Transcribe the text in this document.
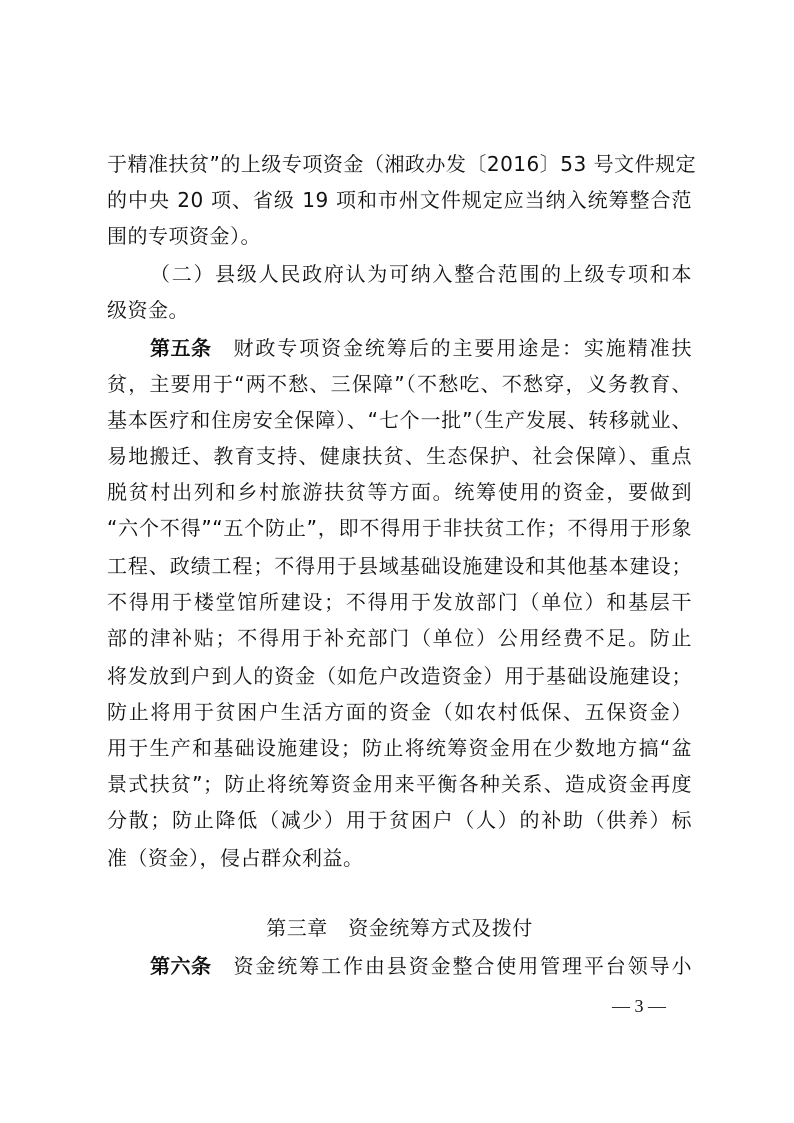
于精准扶贫”的上级专项资金（湘政办发〔2016〕53 号文件规定
的中央 20 项、省级 19 项和市州文件规定应当纳入统筹整合范
围的专项资金）。
（二）县级人民政府认为可纳入整合范围的上级专项和本
级资金。
第五条 财政专项资金统筹后的主要用途是：实施精准扶
贫，主要用于“两不愁、三保障”（不愁吃、不愁穿，义务教育、
基本医疗和住房安全保障）、“七个一批”（生产发展、转移就业、
易地搬迁、教育支持、健康扶贫、生态保护、社会保障）、重点
脱贫村出列和乡村旅游扶贫等方面。统筹使用的资金，要做到
“六个不得”“五个防止”，即不得用于非扶贫工作；不得用于形象
工程、政绩工程；不得用于县域基础设施建设和其他基本建设；
不得用于楼堂馆所建设；不得用于发放部门（单位）和基层干
部的津补贴；不得用于补充部门（单位）公用经费不足。防止
将发放到户到人的资金（如危户改造资金）用于基础设施建设；
防止将用于贫困户生活方面的资金（如农村低保、五保资金）
用于生产和基础设施建设；防止将统筹资金用在少数地方搞“盆
景式扶贫”；防止将统筹资金用来平衡各种关系、造成资金再度
分散；防止降低（减少）用于贫困户（人）的补助（供养）标
准（资金），侵占群众利益。
第三章　资金统筹方式及拨付
第六条 资金统筹工作由县资金整合使用管理平台领导小
— 3 —
